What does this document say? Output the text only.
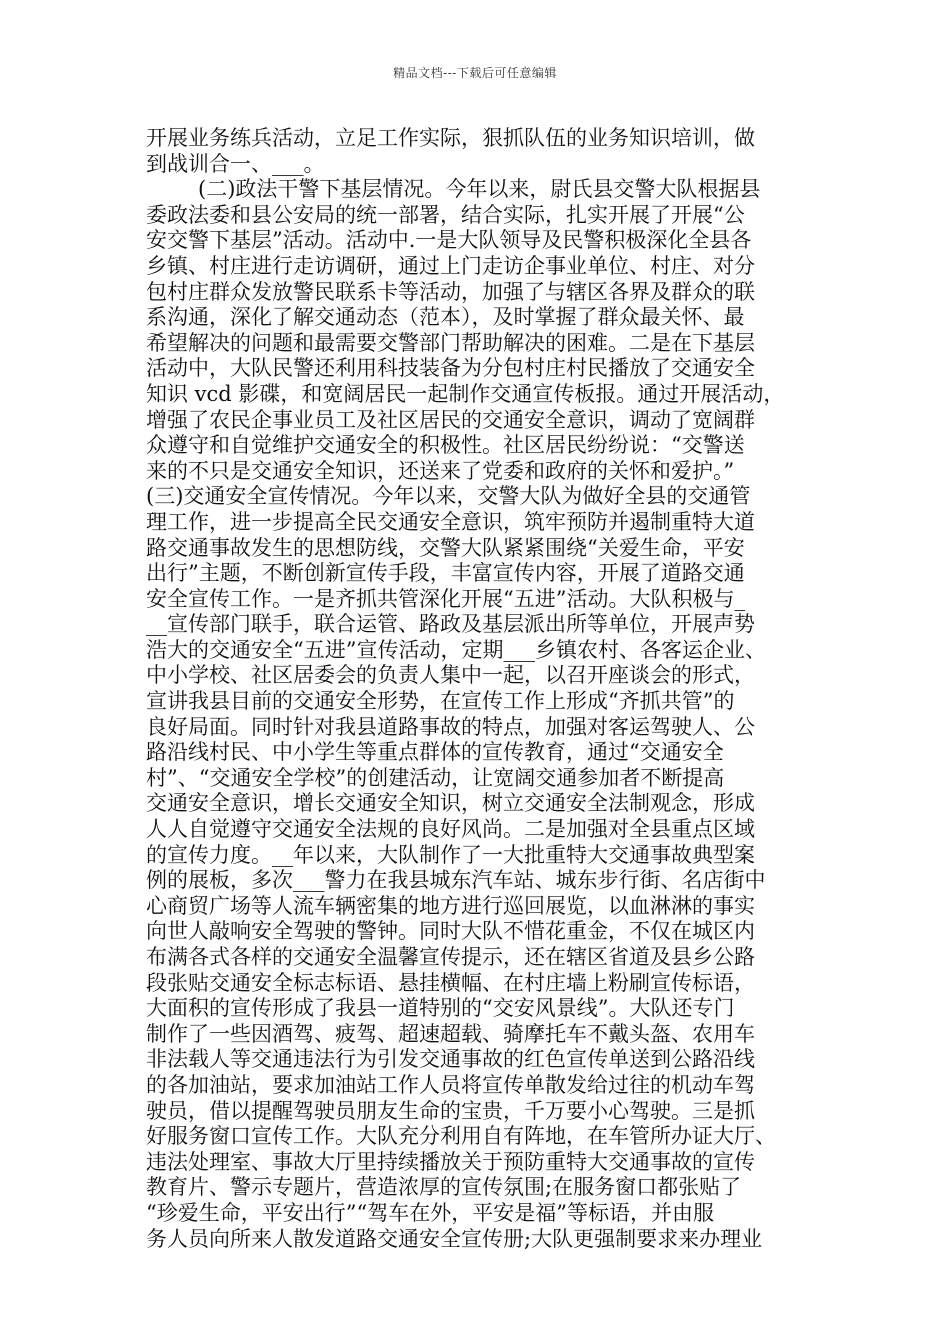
精品文档---下载后可任意编辑
开展业务练兵活动，立足工作实际，狠抓队伍的业务知识培训，做
到战训合一、___。
(二)政法干警下基层情况。今年以来，尉氏县交警大队根据县
委政法委和县公安局的统一部署，结合实际，扎实开展了开展“公
安交警下基层”活动。活动中.一是大队领导及民警积极深化全县各
乡镇、村庄进行走访调研，通过上门走访企事业单位、村庄、对分
包村庄群众发放警民联系卡等活动，加强了与辖区各界及群众的联
系沟通，深化了解交通动态（范本），及时掌握了群众最关怀、最
希望解决的问题和最需要交警部门帮助解决的困难。二是在下基层
活动中，大队民警还利用科技装备为分包村庄村民播放了交通安全
知识 vcd 影碟，和宽阔居民一起制作交通宣传板报。通过开展活动，
增强了农民企事业员工及社区居民的交通安全意识，调动了宽阔群
众遵守和自觉维护交通安全的积极性。社区居民纷纷说：“交警送
来的不只是交通安全知识，还送来了党委和政府的关怀和爱护。”
(三)交通安全宣传情况。今年以来，交警大队为做好全县的交通管
理工作，进一步提高全民交通安全意识，筑牢预防并遏制重特大道
路交通事故发生的思想防线，交警大队紧紧围绕“关爱生命，平安
出行”主题，不断创新宣传手段，丰富宣传内容，开展了道路交通
安全宣传工作。一是齐抓共管深化开展“五进”活动。大队积极与_
__宣传部门联手，联合运管、路政及基层派出所等单位，开展声势
浩大的交通安全“五进”宣传活动，定期___乡镇农村、各客运企业、
中小学校、社区居委会的负责人集中一起，以召开座谈会的形式，
宣讲我县目前的交通安全形势，在宣传工作上形成“齐抓共管”的
良好局面。同时针对我县道路事故的特点，加强对客运驾驶人、公
路沿线村民、中小学生等重点群体的宣传教育，通过“交通安全
村”、“交通安全学校”的创建活动，让宽阔交通参加者不断提高
交通安全意识，增长交通安全知识，树立交通安全法制观念，形成
人人自觉遵守交通安全法规的良好风尚。二是加强对全县重点区域
的宣传力度。__年以来，大队制作了一大批重特大交通事故典型案
例的展板，多次___警力在我县城东汽车站、城东步行街、名店街中
心商贸广场等人流车辆密集的地方进行巡回展览，以血淋淋的事实
向世人敲响安全驾驶的警钟。同时大队不惜花重金，不仅在城区内
布满各式各样的交通安全温馨宣传提示，还在辖区省道及县乡公路
段张贴交通安全标志标语、悬挂横幅、在村庄墙上粉刷宣传标语，
大面积的宣传形成了我县一道特别的“交安风景线”。大队还专门
制作了一些因酒驾、疲驾、超速超载、骑摩托车不戴头盔、农用车
非法载人等交通违法行为引发交通事故的红色宣传单送到公路沿线
的各加油站，要求加油站工作人员将宣传单散发给过往的机动车驾
驶员，借以提醒驾驶员朋友生命的宝贵，千万要小心驾驶。三是抓
好服务窗口宣传工作。大队充分利用自有阵地，在车管所办证大厅、
违法处理室、事故大厅里持续播放关于预防重特大交通事故的宣传
教育片、警示专题片，营造浓厚的宣传氛围;在服务窗口都张贴了
“珍爱生命，平安出行”“驾车在外，平安是福”等标语，并由服
务人员向所来人散发道路交通安全宣传册;大队更强制要求来办理业
